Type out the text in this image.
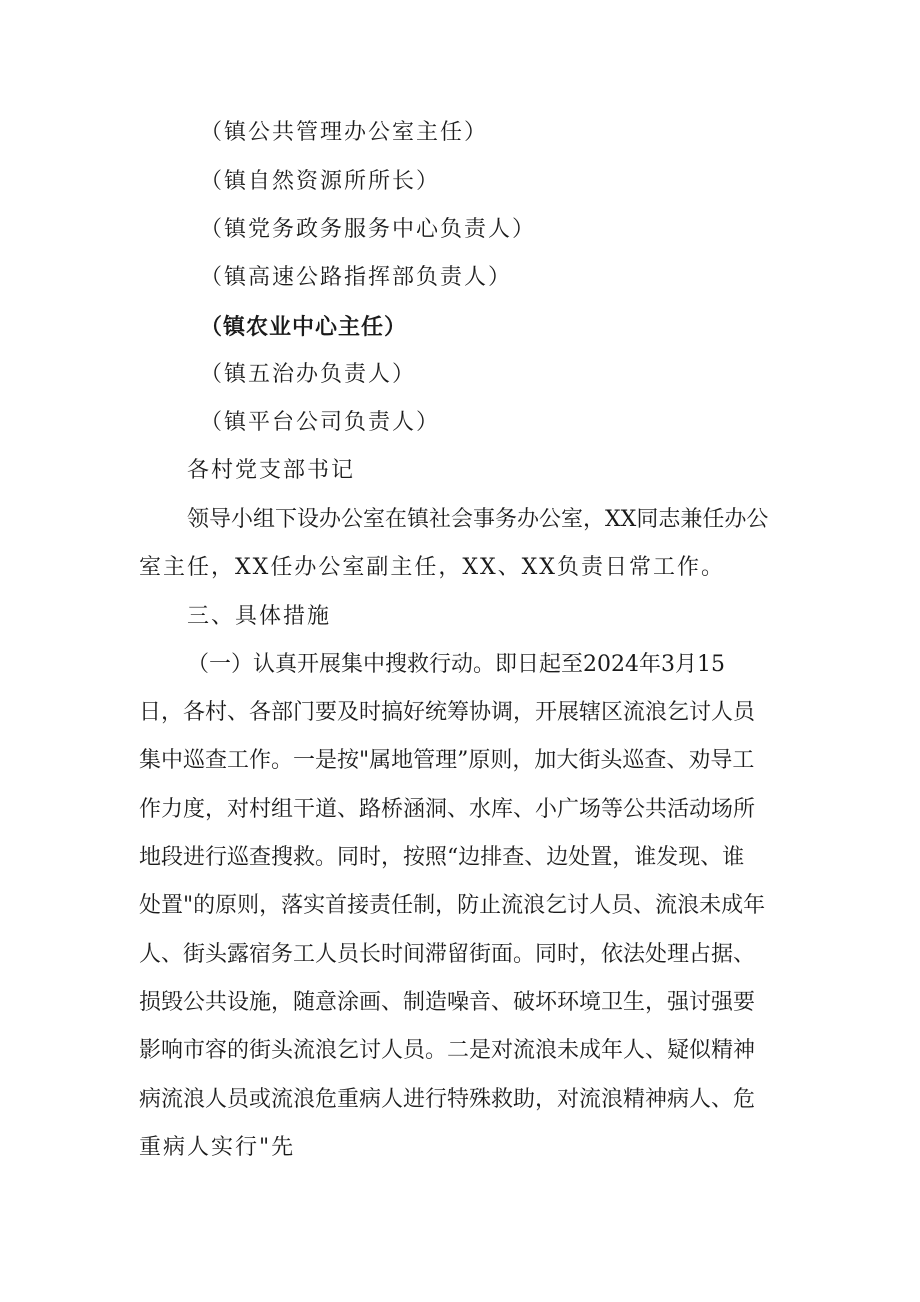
（镇公共管理办公室主任）
（镇自然资源所所长）
（镇党务政务服务中心负责人）
（镇高速公路指挥部负责人）
（镇农业中心主任）
（镇五治办负责人）
（镇平台公司负责人）
各村党支部书记
领导小组下设办公室在镇社会事务办公室，XX同志兼任办公
室主任，XX任办公室副主任，XX、XX负责日常工作。
三、具体措施
（一）认真开展集中搜救行动。即日起至2024年3月15
日，各村、各部门要及时搞好统筹协调，开展辖区流浪乞讨人员
集中巡查工作。一是按"属地管理”原则，加大街头巡查、劝导工
作力度，对村组干道、路桥涵洞、水库、小广场等公共活动场所
地段进行巡查搜救。同时，按照“边排查、边处置，谁发现、谁
处置"的原则，落实首接责任制，防止流浪乞讨人员、流浪未成年
人、街头露宿务工人员长时间滞留街面。同时，依法处理占据、
损毁公共设施，随意涂画、制造噪音、破坏环境卫生，强讨强要
影响市容的街头流浪乞讨人员。二是对流浪未成年人、疑似精神
病流浪人员或流浪危重病人进行特殊救助，对流浪精神病人、危
重病人实行"先
